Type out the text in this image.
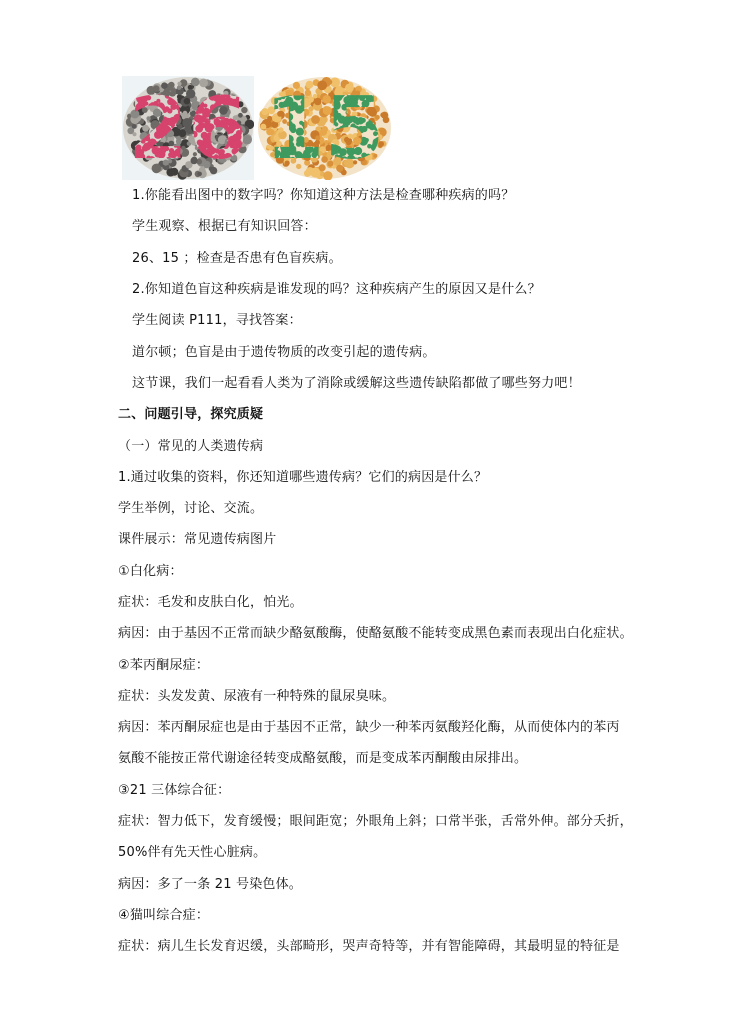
1.你能看出图中的数字吗？你知道这种方法是检查哪种疾病的吗？
学生观察、根据已有知识回答：
26、15 ；检查是否患有色盲疾病。
2.你知道色盲这种疾病是谁发现的吗？这种疾病产生的原因又是什么？
学生阅读 P111，寻找答案：
道尔顿；色盲是由于遗传物质的改变引起的遗传病。
这节课，我们一起看看人类为了消除或缓解这些遗传缺陷都做了哪些努力吧！
二、问题引导，探究质疑
（一）常见的人类遗传病
1.通过收集的资料，你还知道哪些遗传病？它们的病因是什么？
学生举例，讨论、交流。
课件展示：常见遗传病图片
①白化病：
症状：毛发和皮肤白化，怕光。
病因：由于基因不正常而缺少酪氨酸酶，使酪氨酸不能转变成黑色素而表现出白化症状。
②苯丙酮尿症：
症状：头发发黄、尿液有一种特殊的鼠尿臭味。
病因：苯丙酮尿症也是由于基因不正常，缺少一种苯丙氨酸羟化酶，从而使体内的苯丙
氨酸不能按正常代谢途径转变成酪氨酸，而是变成苯丙酮酸由尿排出。
③21 三体综合征：
症状：智力低下，发育缓慢；眼间距宽；外眼角上斜；口常半张，舌常外伸。部分夭折，
50%伴有先天性心脏病。
病因：多了一条 21 号染色体。
④猫叫综合症：
症状：病儿生长发育迟缓，头部畸形，哭声奇特等，并有智能障碍，其最明显的特征是
